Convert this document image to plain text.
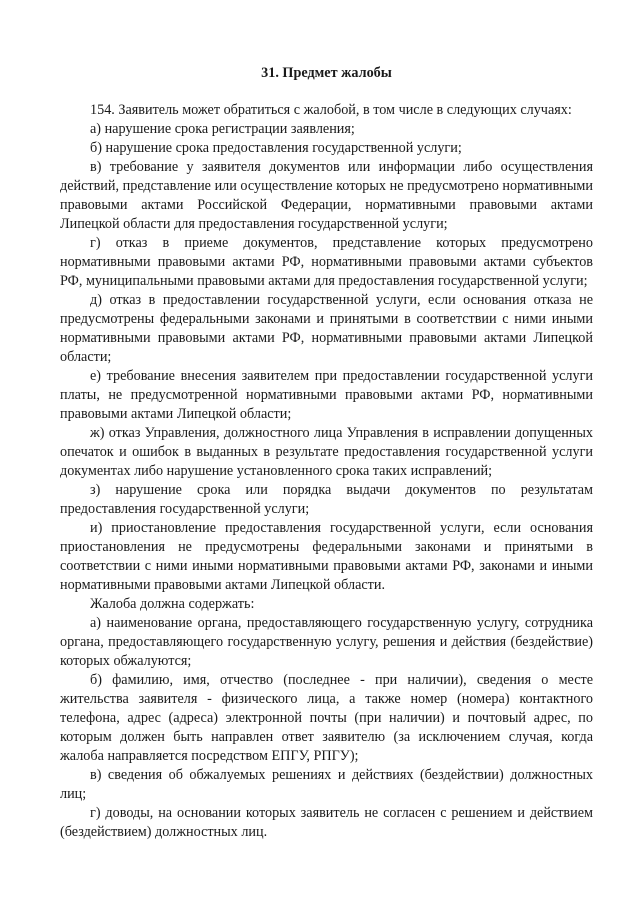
31. Предмет жалобы

154. Заявитель может обратиться с жалобой, в том числе в следующих случаях:

а) нарушение срока регистрации заявления;

б) нарушение срока предоставления государственной услуги;

в) требование у заявителя документов или информации либо осуществления действий, представление или осуществление которых не предусмотрено нормативными правовыми актами Российской Федерации, нормативными правовыми актами Липецкой области для предоставления государственной услуги;

г) отказ в приеме документов, представление которых предусмотрено нормативными правовыми актами РФ, нормативными правовыми актами субъектов РФ, муниципальными правовыми актами для предоставления государственной услуги;

д) отказ в предоставлении государственной услуги, если основания отказа не предусмотрены федеральными законами и принятыми в соответствии с ними иными нормативными правовыми актами РФ, нормативными правовыми актами Липецкой области;

е) требование внесения заявителем при предоставлении государственной услуги платы, не предусмотренной нормативными правовыми актами РФ, нормативными правовыми актами Липецкой области;

ж) отказ Управления, должностного лица Управления в исправлении допущенных опечаток и ошибок в выданных в результате предоставления государственной услуги документах либо нарушение установленного срока таких исправлений;

з) нарушение срока или порядка выдачи документов по результатам предоставления государственной услуги;

и) приостановление предоставления государственной услуги, если основания приостановления не предусмотрены федеральными законами и принятыми в соответствии с ними иными нормативными правовыми актами РФ, законами и иными нормативными правовыми актами Липецкой области.

Жалоба должна содержать:

а) наименование органа, предоставляющего государственную услугу, сотрудника органа, предоставляющего государственную услугу, решения и действия (бездействие) которых обжалуются;

б) фамилию, имя, отчество (последнее - при наличии), сведения о месте жительства заявителя - физического лица, а также номер (номера) контактного телефона, адрес (адреса) электронной почты (при наличии) и почтовый адрес, по которым должен быть направлен ответ заявителю (за исключением случая, когда жалоба направляется посредством ЕПГУ, РПГУ);

в) сведения об обжалуемых решениях и действиях (бездействии) должностных лиц;

г) доводы, на основании которых заявитель не согласен с решением и действием (бездействием) должностных лиц.
